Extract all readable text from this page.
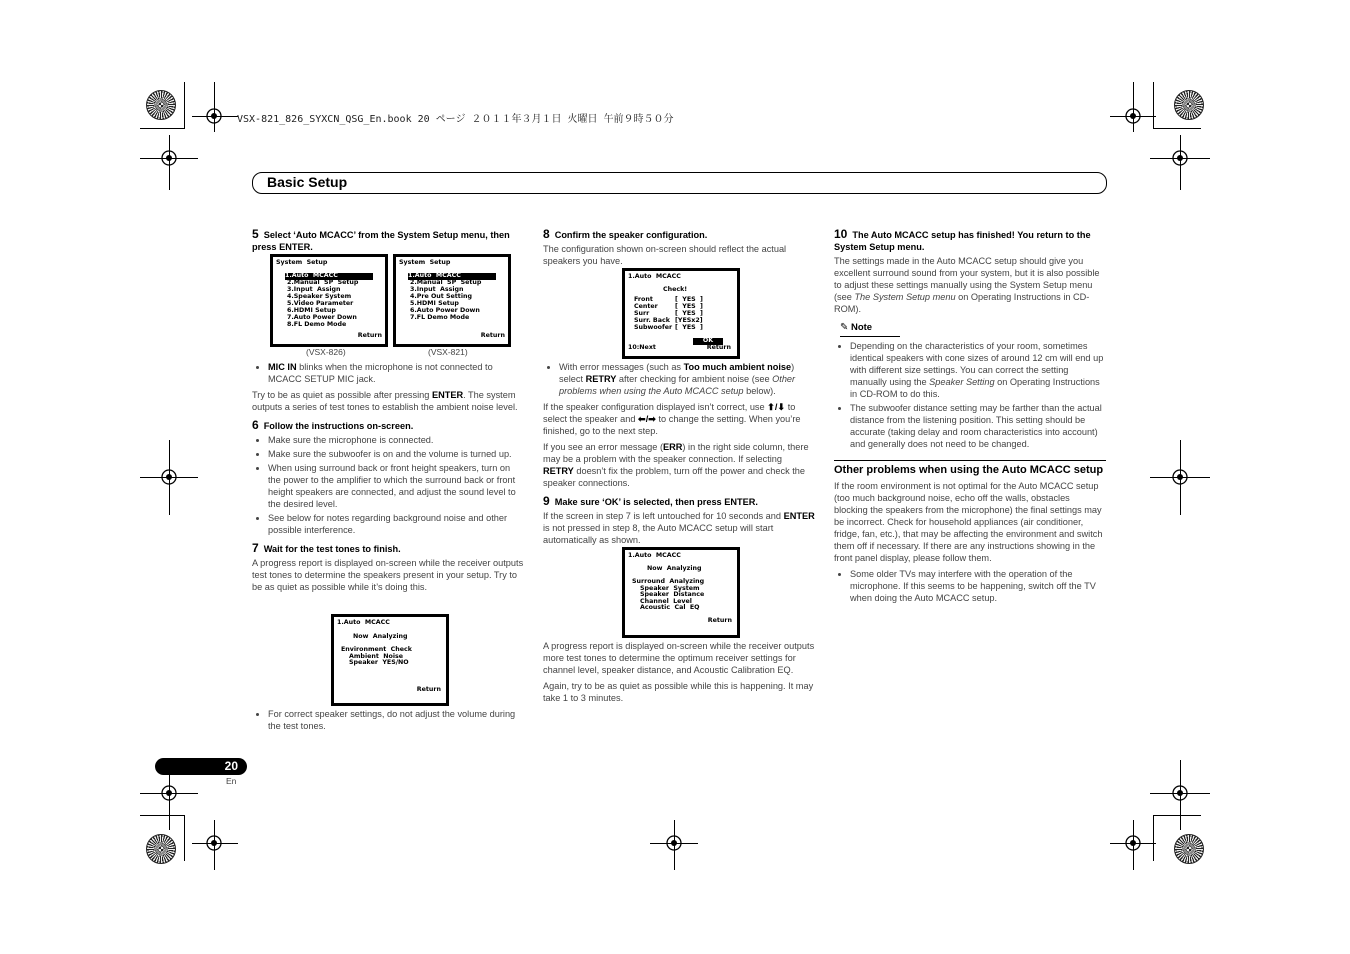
VSX-821_826_SYXCN_QSG_En.book 20 ページ ２０１１年３月１日 火曜日 午前９時５０分
Basic Setup
5 Select ‘Auto MCACC’ from the System Setup menu, then press ENTER.
System  Setup
1.Auto  MCACC
2.Manual  SP  Setup
3.Input  Assign
4.Speaker System
5.Video Parameter
6.HDMI Setup
7.Auto Power Down
8.FL Demo Mode
Return
(VSX-826)
System  Setup
1.Auto  MCACC
2.Manual  SP  Setup
3.Input  Assign
4.Pre Out Setting
5.HDMI Setup
6.Auto Power Down
7.FL Demo Mode
Return
(VSX-821)
• MIC IN blinks when the microphone is not connected to MCACC SETUP MIC jack.

Try to be as quiet as possible after pressing ENTER. The system outputs a series of test tones to establish the ambient noise level.

6 Follow the instructions on-screen.
• Make sure the microphone is connected.
• Make sure the subwoofer is on and the volume is turned up.
• When using surround back or front height speakers, turn on the power to the amplifier to which the surround back or front height speakers are connected, and adjust the sound level to the desired level.
• See below for notes regarding background noise and other possible interference.
7 Wait for the test tones to finish.

A progress report is displayed on-screen while the receiver outputs test tones to determine the speakers present in your setup. Try to be as quiet as possible while it’s doing this.

1.Auto  MCACC
Now  Analyzing
Environment  Check
Ambient  Noise
Speaker  YES/NO
Return
• For correct speaker settings, do not adjust the volume during the test tones.
8 Confirm the speaker configuration.

The configuration shown on-screen should reflect the actual speakers you have.

1.Auto  MCACC
Check!
Front	[  YES  ]
Center	[  YES  ]
Surr	[  YES  ]
Surr. Back [YESx2]
Subwoofer [  YES  ]
OK
10:Next	Return
• With error messages (such as Too much ambient noise) select RETRY after checking for ambient noise (see Other problems when using the Auto MCACC setup below).

If the speaker configuration displayed isn’t correct, use ⬆/⬇ to select the speaker and ⬅/➡ to change the setting. When you’re finished, go to the next step.

If you see an error message (ERR) in the right side column, there may be a problem with the speaker connection. If selecting RETRY doesn’t fix the problem, turn off the power and check the speaker connections.

9 Make sure ‘OK’ is selected, then press ENTER.

If the screen in step 7 is left untouched for 10 seconds and ENTER is not pressed in step 8, the Auto MCACC setup will start automatically as shown.

1.Auto  MCACC
Now  Analyzing
Surround  Analyzing
Speaker  System
Speaker  Distance
Channel  Level
Acoustic  Cal  EQ
Return

A progress report is displayed on-screen while the receiver outputs more test tones to determine the optimum receiver settings for channel level, speaker distance, and Acoustic Calibration EQ.

Again, try to be as quiet as possible while this is happening. It may take 1 to 3 minutes.

10 The Auto MCACC setup has finished! You return to the System Setup menu.

The settings made in the Auto MCACC setup should give you excellent surround sound from your system, but it is also possible to adjust these settings manually using the System Setup menu (see The System Setup menu on Operating Instructions in CD-ROM).

✎ Note
• Depending on the characteristics of your room, sometimes identical speakers with cone sizes of around 12 cm will end up with different size settings. You can correct the setting manually using the Speaker Setting on Operating Instructions in CD-ROM to do this.
• The subwoofer distance setting may be farther than the actual distance from the listening position. This setting should be accurate (taking delay and room characteristics into account) and generally does not need to be changed.
Other problems when using the Auto MCACC setup

If the room environment is not optimal for the Auto MCACC setup (too much background noise, echo off the walls, obstacles blocking the speakers from the microphone) the final settings may be incorrect. Check for household appliances (air conditioner, fridge, fan, etc.), that may be affecting the environment and switch them off if necessary. If there are any instructions showing in the front panel display, please follow them.

• Some older TVs may interfere with the operation of the microphone. If this seems to be happening, switch off the TV when doing the Auto MCACC setup.
20
En
